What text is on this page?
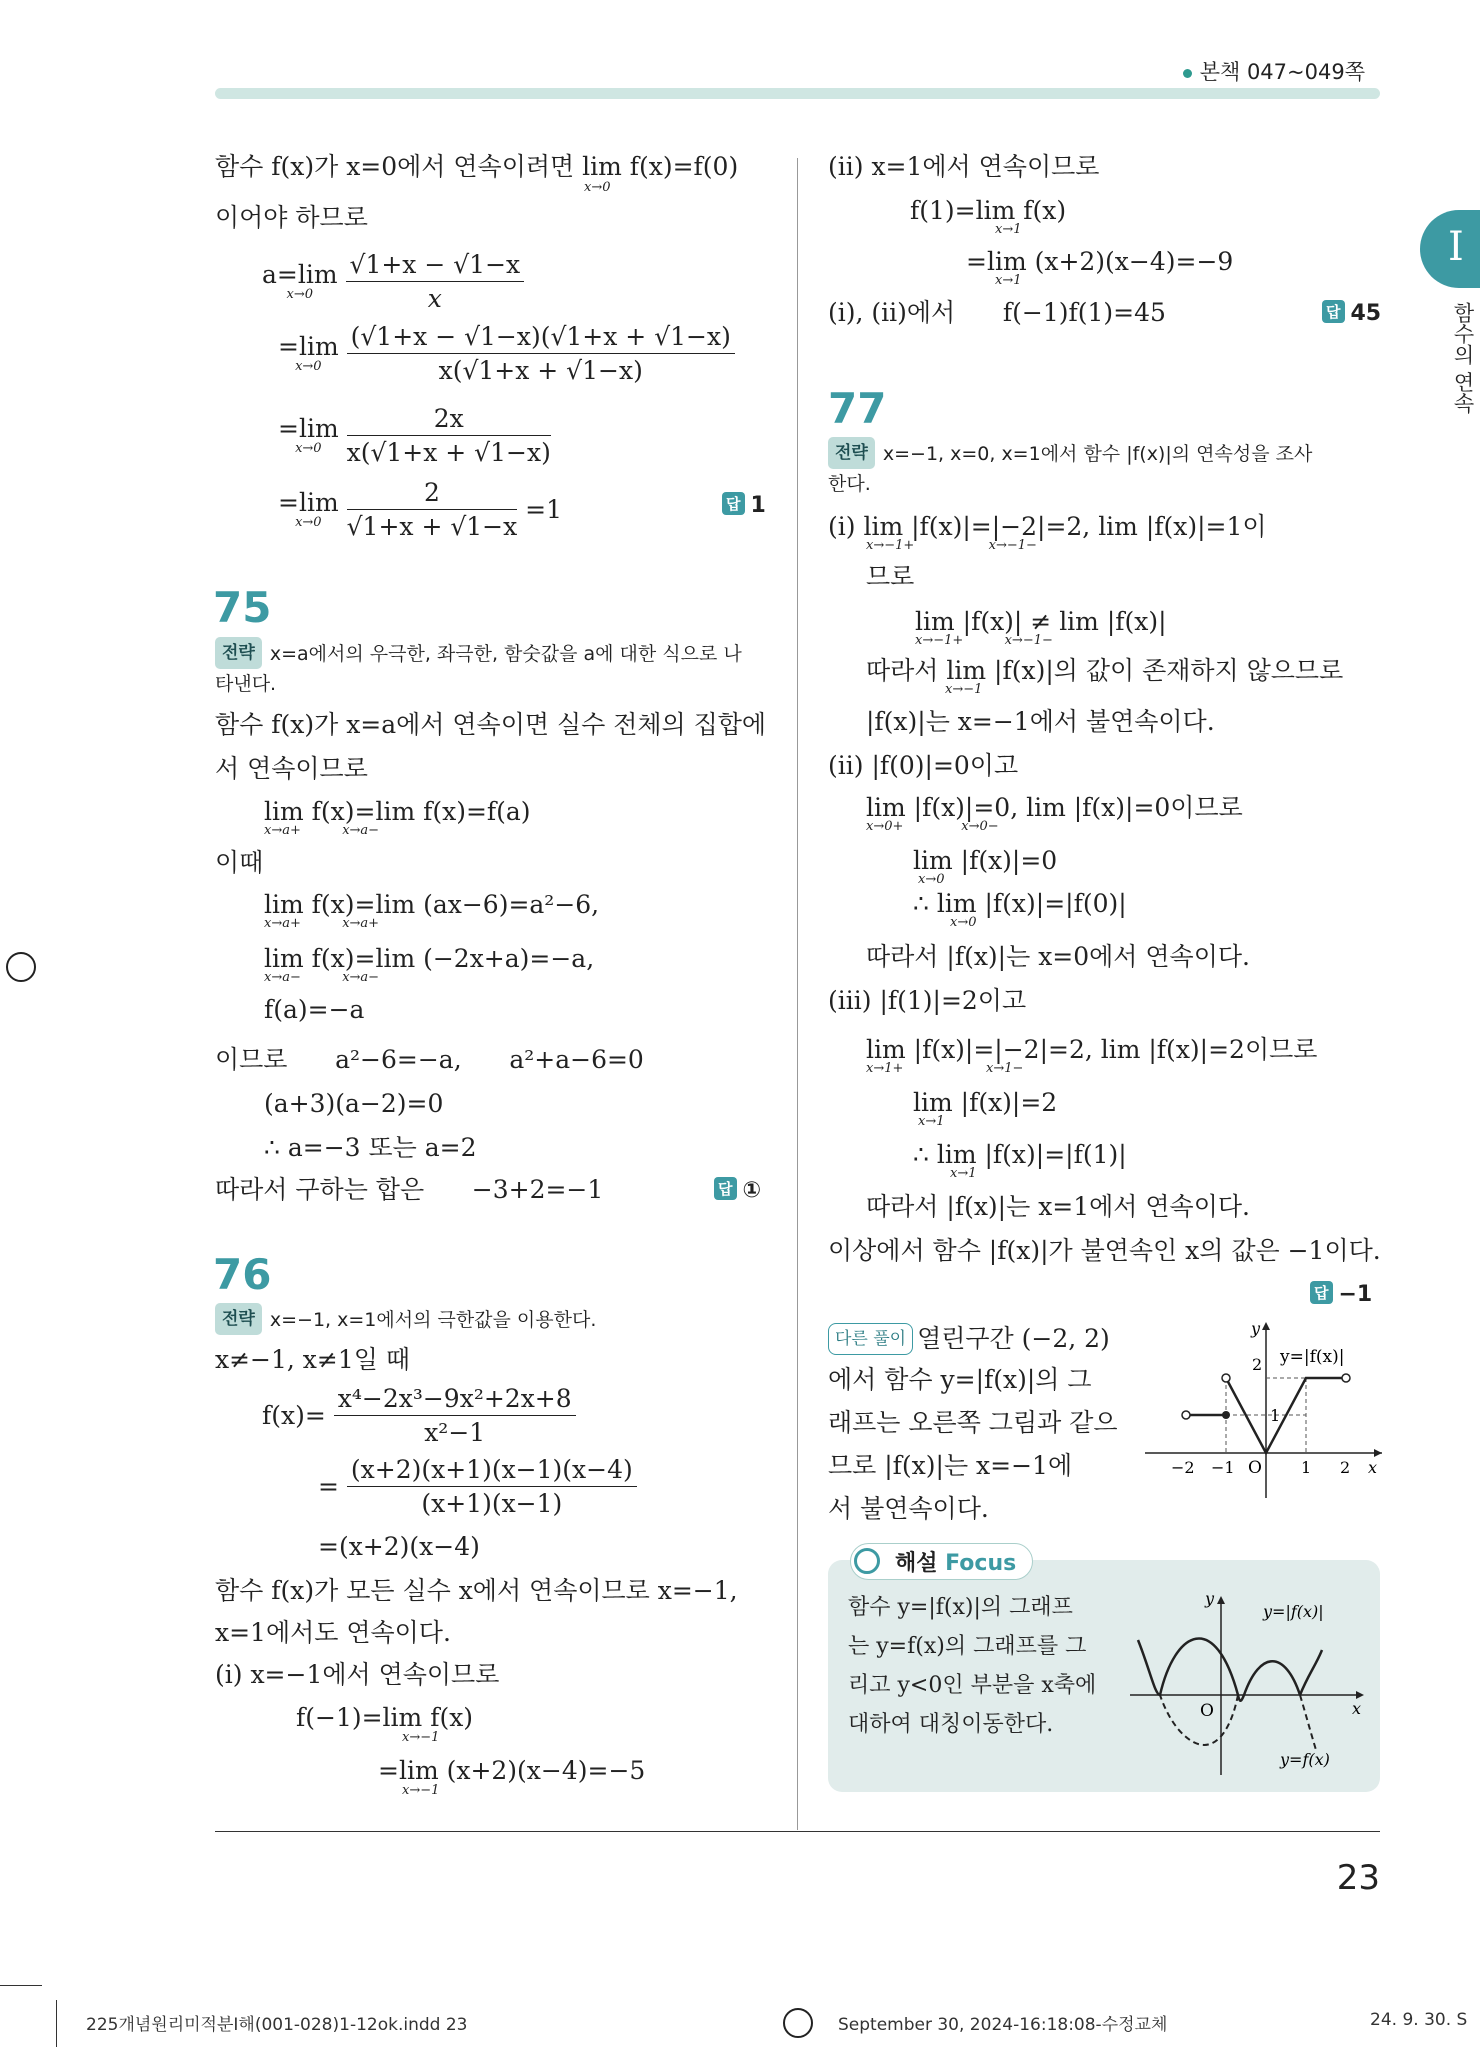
본책 047~049쪽
I
함수의 연속
함수 f(x)가 x=0에서 연속이려면 lim f(x)=f(0)
x→0
이어야 하므로
a=lim
x→0
	$\frac{√1+x - √1-x}{x}$
=lim
x→0
	$\frac{(√1+x - √1-x)(√1+x + √1-x)}{x(√1+x + √1-x)}$
=lim
x→0
	$\frac{2x}{x(√1+x + √1-x)}$
=lim
x→0
	$\frac{2}{√1+x + √1-x} =1$	답 1
75
전략 x=a에서의 우극한, 좌극한, 함숫값을 a에 대한 식으로 나
타낸다.
함수 f(x)가 x=a에서 연속이면 실수 전체의 집합에
서 연속이므로
lim f(x)=lim f(x)=f(a)
x→a+          x→a−
이때
lim f(x)=lim (ax−6)=a²−6,
x→a+          x→a+
lim f(x)=lim (−2x+a)=−a,
x→a−          x→a−
f(a)=−a
이므로      a²−6=−a,      a²+a−6=0
(a+3)(a−2)=0
∴ a=−3 또는 a=2
따라서 구하는 합은      −3+2=−1	답 ①
76
전략 x=−1, x=1에서의 극한값을 이용한다.
x≠−1, x≠1일 때
$f(x)= \frac{\text{x⁴−2x³−9x²+2x+8}}{\text{x²−1}}$
= $\frac{(x+2)(x+1)(x-1)(x-4)}{(x+1)(x-1)}$
=(x+2)(x−4)
함수 f(x)가 모든 실수 x에서 연속이므로 x=−1,
x=1에서도 연속이다.
(i) x=−1에서 연속이므로
f(−1)=lim f(x)
x→−1
=lim (x+2)(x−4)=−5
x→−1
(ii) x=1에서 연속이므로
f(1)=lim f(x)
x→1
=lim (x+2)(x−4)=−9
x→1
(i), (ii)에서      f(−1)f(1)=45	답 45
77
전략 x=−1, x=0, x=1에서 함수 |f(x)|의 연속성을 조사
한다.
(i) lim |f(x)|=|−2|=2, lim |f(x)|=1이
x→−1+                  x→−1−
므로
lim |f(x)| ≠ lim |f(x)|
x→−1+          x→−1−
따라서 lim |f(x)|의 값이 존재하지 않으므로
x→−1
|f(x)|는 x=−1에서 불연속이다.
(ii) |f(0)|=0이고
lim |f(x)|=0, lim |f(x)|=0이므로
x→0+              x→0−
lim |f(x)|=0
x→0
∴ lim |f(x)|=|f(0)|
x→0
따라서 |f(x)|는 x=0에서 연속이다.
(iii) |f(1)|=2이고
lim |f(x)|=|−2|=2, lim |f(x)|=2이므로
x→1+                    x→1−
lim |f(x)|=2
x→1
∴ lim |f(x)|=|f(1)|
x→1
따라서 |f(x)|는 x=1에서 연속이다.
이상에서 함수 |f(x)|가 불연속인 x의 값은 −1이다.
답 −1
다른 풀이 열린구간 (−2, 2)
에서 함수 y=|f(x)|의 그
래프는 오른쪽 그림과 같으
므로 |f(x)|는 x=−1에
서 불연속이다.
y
x
O
y=|f(x)|
−2 −1	1 2
1
2
해설 Focus
함수 y=|f(x)|의 그래프
는 y=f(x)의 그래프를 그
리고 y<0인 부분을 x축에
대하여 대칭이동한다.
y
x
O
y=|f(x)|
y=f(x)
23
225개념원리미적분Ⅰ해(001-028)1-12ok.indd 23	September 30, 2024-16:18:08-수정교체	24. 9. 30. S
